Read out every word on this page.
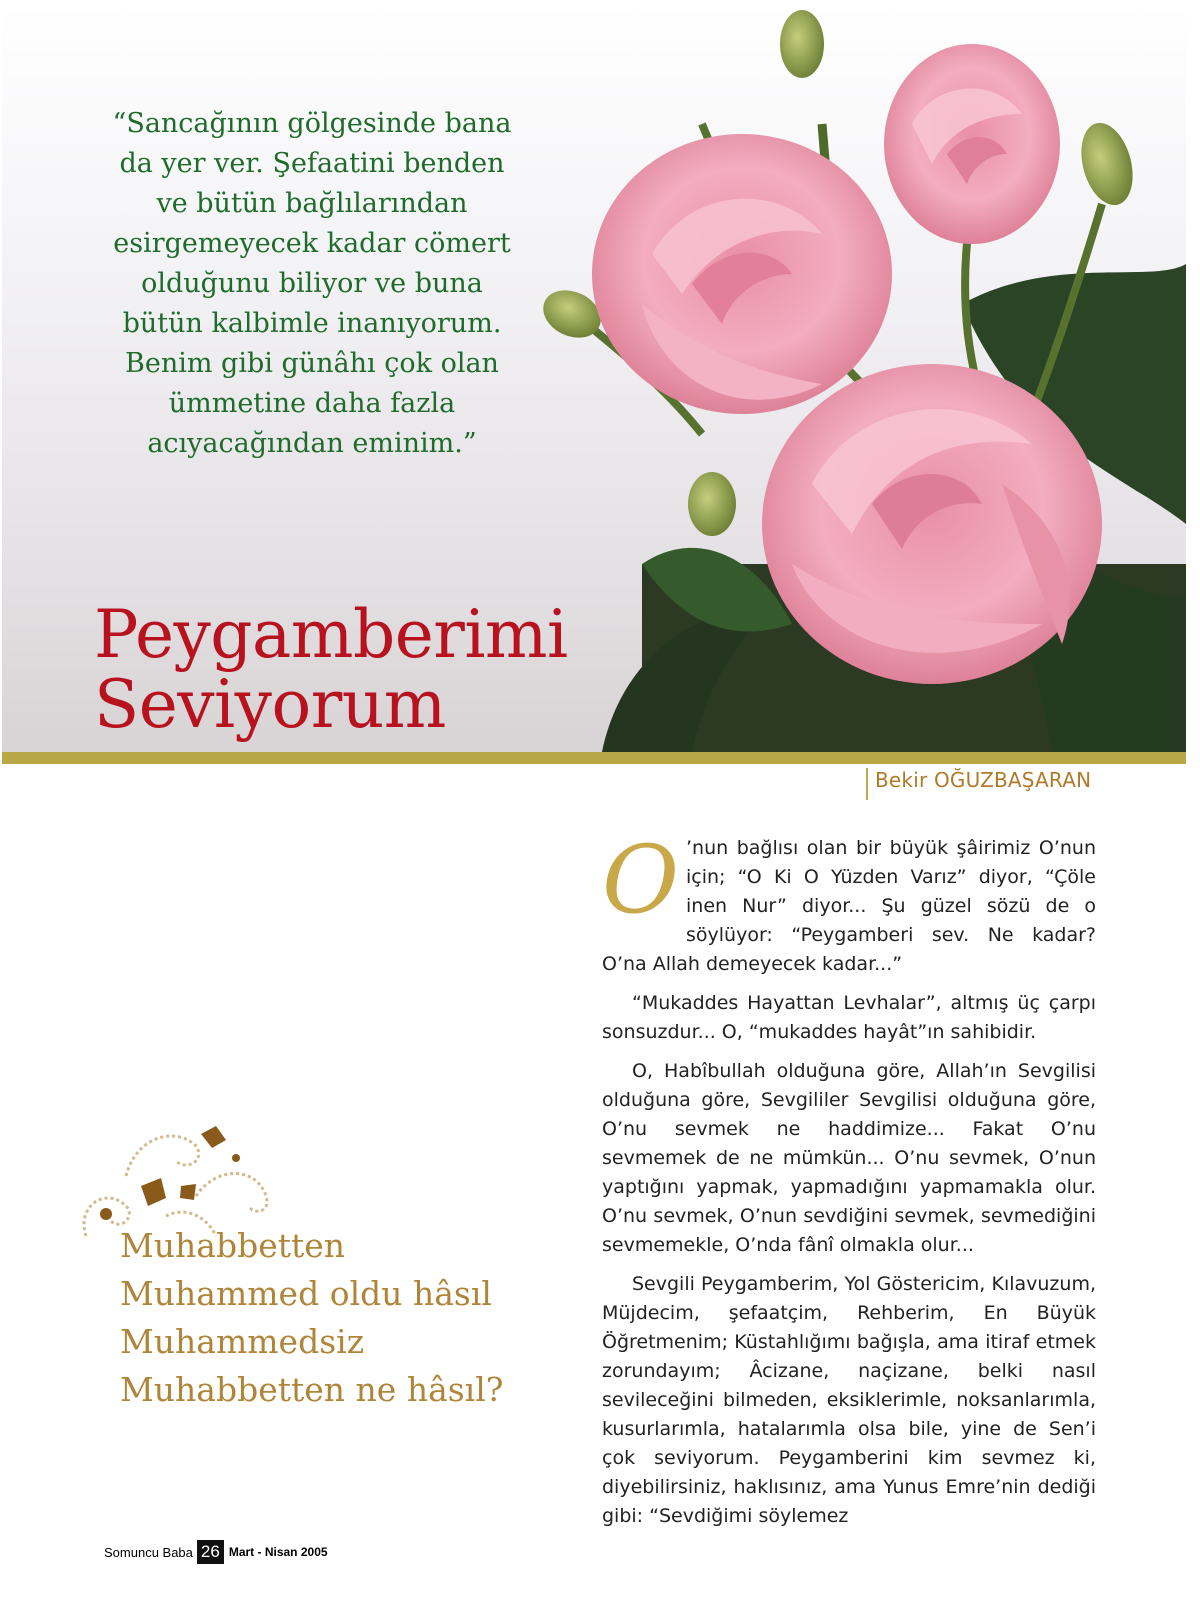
“Sancağının gölgesinde bana da yer ver. Şefaatini benden ve bütün bağlılarından esirgemeyecek kadar cömert olduğunu biliyor ve buna bütün kalbimle inanıyorum. Benim gibi günâhı çok olan ümmetine daha fazla acıyacağından eminim.”
Peygamberimi
Seviyorum
Bekir OĞUZBAŞARAN
Muhabbetten
Muhammed oldu hâsıl
Muhammedsiz
Muhabbetten ne hâsıl?
O ’nun bağlısı olan bir büyük şâirimiz O’nun için; “O Ki O Yüzden Varız” diyor, “Çöle inen Nur” diyor... Şu güzel sözü de o söylüyor: “Peygamberi sev. Ne kadar? O’na Allah demeyecek kadar...”
“Mukaddes Hayattan Levhalar”, altmış üç çarpı sonsuzdur... O, “mukaddes hayât”ın sahibidir.
O, Habîbullah olduğuna göre, Allah’ın Sevgilisi olduğuna göre, Sevgililer Sevgilisi olduğuna göre, O’nu sevmek ne haddimize... Fakat O’nu sevmemek de ne mümkün... O’nu sevmek, O’nun yaptığını yapmak, yapmadığını yapmamakla olur. O’nu sevmek, O’nun sevdiğini sevmek, sevmediğini sevmemekle, O’nda fânî olmakla olur...
Sevgili Peygamberim, Yol Göstericim, Kılavuzum, Müjdecim, şefaatçim, Rehberim, En Büyük Öğretmenim; Küstahlığımı bağışla, ama itiraf etmek zorundayım; Âcizane, naçizane, belki nasıl sevileceğini bilmeden, eksiklerimle, noksanlarımla, kusurlarımla, hatalarımla olsa bile, yine de Sen’i çok seviyorum. Peygamberini kim sevmez ki, diyebilirsiniz, haklısınız, ama Yunus Emre’nin dediği gibi: “Sevdiğimi söylemez
Somuncu Baba 26 Mart - Nisan 2005
